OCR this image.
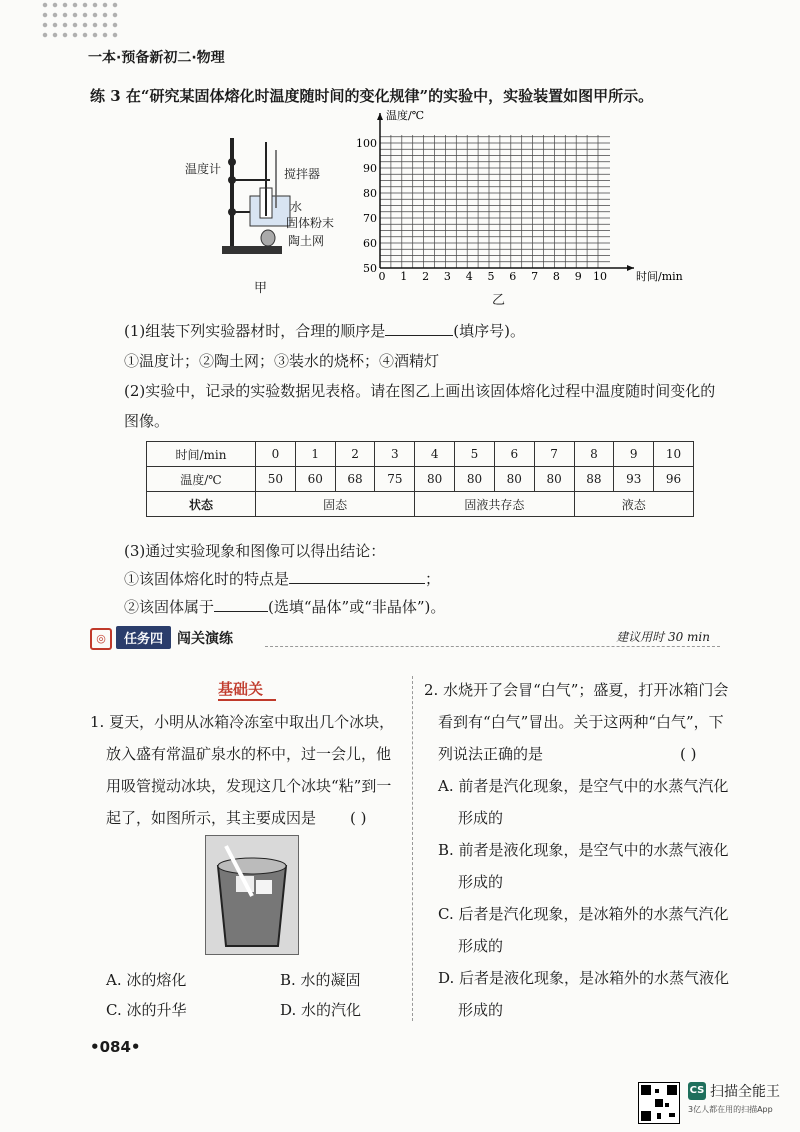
一本·预备新初二·物理
练 3 在“研究某固体熔化时温度随时间的变化规律”的实验中，实验装置如图甲所示。
温度计	搅拌器
水
固体粉末
陶土网
甲
0 1 2 3 4 5 6 7 8 9 10
50
60
70
80
90
100
时间/min
温度/℃
乙
(1)组装下列实验器材时，合理的顺序是	(填序号)。
①温度计；②陶土网；③装水的烧杯；④酒精灯
(2)实验中，记录的实验数据见表格。请在图乙上画出该固体熔化过程中温度随时间变化的
图像。
时间/min	0	1	2	3	4	5	6	7	8	9	10
温度/℃	50	60	68	75	80	80	80	80	88	93	96
状态	固态				固液共存态				液态		
(3)通过实验现象和图像可以得出结论：
①该固体熔化时的特点是	；
②该固体属于	(选填“晶体”或“非晶体”)。
◎ 任务四 闯关演练	建议用时 30 min
基础关
1. 夏天，小明从冰箱冷冻室中取出几个冰块，
放入盛有常温矿泉水的杯中，过一会儿，他
用吸管搅动冰块，发现这几个冰块“粘”到一
起了，如图所示，其主要成因是	( )
A. 冰的熔化	B. 水的凝固
C. 冰的升华	D. 水的汽化
2. 水烧开了会冒“白气”；盛夏，打开冰箱门会
看到有“白气”冒出。关于这两种“白气”，下
列说法正确的是	( )
A. 前者是汽化现象，是空气中的水蒸气汽化
形成的
B. 前者是液化现象，是空气中的水蒸气液化
形成的
C. 后者是汽化现象，是冰箱外的水蒸气汽化
形成的
D. 后者是液化现象，是冰箱外的水蒸气液化
形成的
•084•
CS 扫描全能王
3亿人都在用的扫描App
